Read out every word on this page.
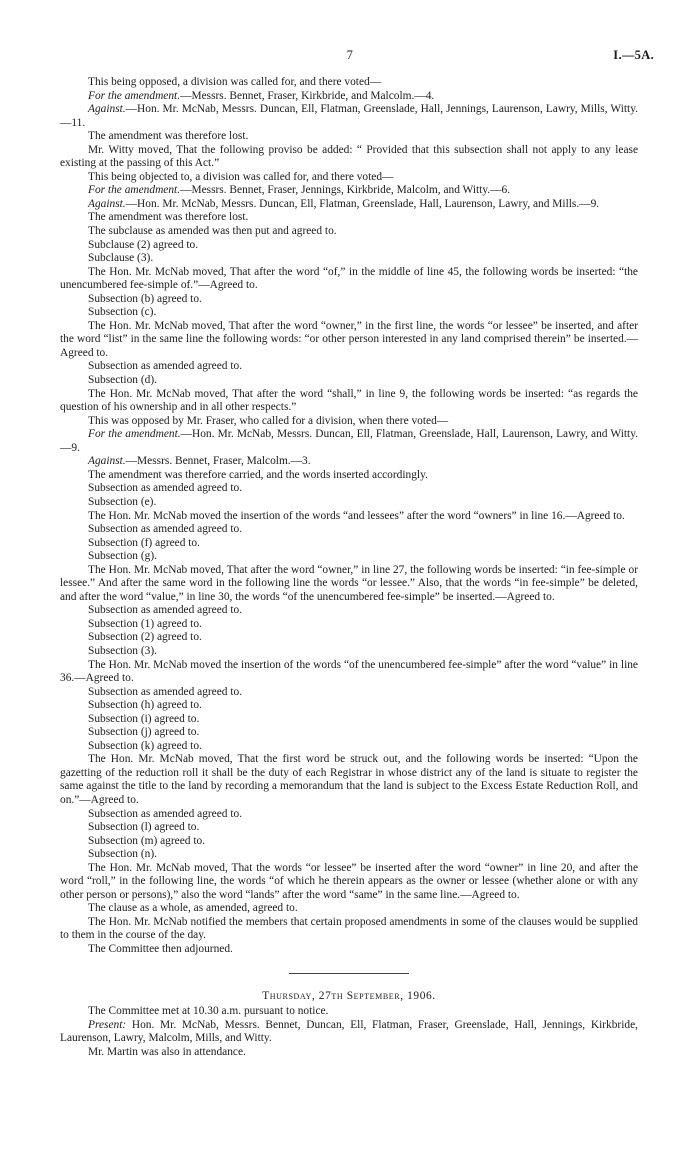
7	I.—5A.

This being opposed, a division was called for, and there voted—

For the amendment.—Messrs. Bennet, Fraser, Kirkbride, and Malcolm.—4.

Against.—Hon. Mr. McNab, Messrs. Duncan, Ell, Flatman, Greenslade, Hall, Jennings, Laurenson, Lawry, Mills, Witty.—11.

The amendment was therefore lost.

Mr. Witty moved, That the following proviso be added: “ Provided that this subsection shall not apply to any lease existing at the passing of this Act.”

This being objected to, a division was called for, and there voted—

For the amendment.—Messrs. Bennet, Fraser, Jennings, Kirkbride, Malcolm, and Witty.—6.

Against.—Hon. Mr. McNab, Messrs. Duncan, Ell, Flatman, Greenslade, Hall, Laurenson, Lawry, and Mills.—9.

The amendment was therefore lost.

The subclause as amended was then put and agreed to.

Subclause (2) agreed to.

Subclause (3).

The Hon. Mr. McNab moved, That after the word “of,” in the middle of line 45, the following words be inserted: “the unencumbered fee-simple of.”—Agreed to.

Subsection (b) agreed to.

Subsection (c).

The Hon. Mr. McNab moved, That after the word “owner,” in the first line, the words “or lessee” be inserted, and after the word “list” in the same line the following words: “or other person interested in any land comprised therein” be inserted.—Agreed to.

Subsection as amended agreed to.

Subsection (d).

The Hon. Mr. McNab moved, That after the word “shall,” in line 9, the following words be inserted: “as regards the question of his ownership and in all other respects.”

This was opposed by Mr. Fraser, who called for a division, when there voted—

For the amendment.—Hon. Mr. McNab, Messrs. Duncan, Ell, Flatman, Greenslade, Hall, Laurenson, Lawry, and Witty.—9.

Against.—Messrs. Bennet, Fraser, Malcolm.—3.

The amendment was therefore carried, and the words inserted accordingly.

Subsection as amended agreed to.

Subsection (e).

The Hon. Mr. McNab moved the insertion of the words “and lessees” after the word “owners” in line 16.—Agreed to.

Subsection as amended agreed to.

Subsection (f) agreed to.

Subsection (g).

The Hon. Mr. McNab moved, That after the word “owner,” in line 27, the following words be inserted: “in fee-simple or lessee.” And after the same word in the following line the words “or lessee.” Also, that the words “in fee-simple” be deleted, and after the word “value,” in line 30, the words “of the unencumbered fee-simple” be inserted.—Agreed to.

Subsection as amended agreed to.

Subsection (1) agreed to.

Subsection (2) agreed to.

Subsection (3).

The Hon. Mr. McNab moved the insertion of the words “of the unencumbered fee-simple” after the word “value” in line 36.—Agreed to.

Subsection as amended agreed to.

Subsection (h) agreed to.

Subsection (i) agreed to.

Subsection (j) agreed to.

Subsection (k) agreed to.

The Hon. Mr. McNab moved, That the first word be struck out, and the following words be inserted: “Upon the gazetting of the reduction roll it shall be the duty of each Registrar in whose district any of the land is situate to register the same against the title to the land by recording a memorandum that the land is subject to the Excess Estate Reduction Roll, and on.”—Agreed to.

Subsection as amended agreed to.

Subsection (l) agreed to.

Subsection (m) agreed to.

Subsection (n).

The Hon. Mr. McNab moved, That the words “or lessee” be inserted after the word “owner” in line 20, and after the word “roll,” in the following line, the words “of which he therein appears as the owner or lessee (whether alone or with any other person or persons),” also the word “lands” after the word “same” in the same line.—Agreed to.

The clause as a whole, as amended, agreed to.

The Hon. Mr. McNab notified the members that certain proposed amendments in some of the clauses would be supplied to them in the course of the day.

The Committee then adjourned.

Thursday, 27th September, 1906.

The Committee met at 10.30 a.m. pursuant to notice.

Present: Hon. Mr. McNab, Messrs. Bennet, Duncan, Ell, Flatman, Fraser, Greenslade, Hall, Jennings, Kirkbride, Laurenson, Lawry, Malcolm, Mills, and Witty.

Mr. Martin was also in attendance.
